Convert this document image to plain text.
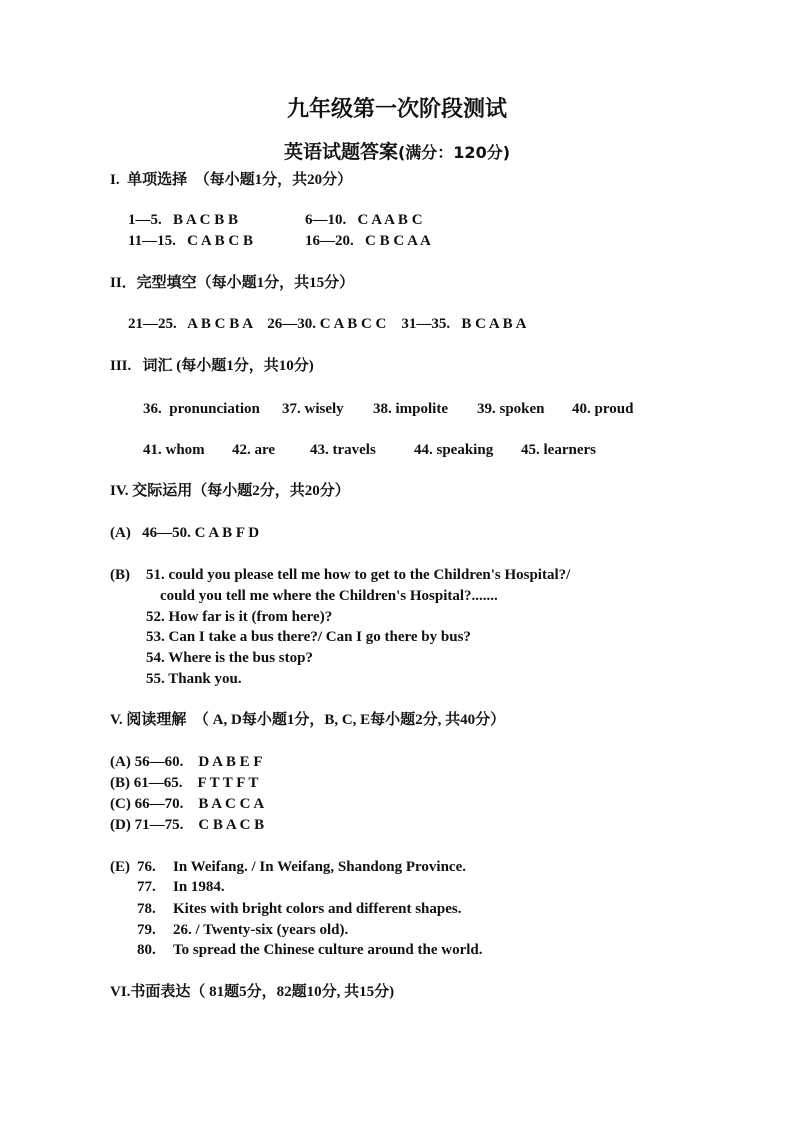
九年级第一次阶段测试
英语试题答案(满分：120分)
I.  单项选择  （每小题1分，共20分）
1—5.   B A C B B	6—10.   C A A B C
11—15.   C A B C B	16—20.   C B C A A
II．完型填空（每小题1分，共15分）
21—25.   A B C B A    26—30. C A B C C    31—35.   B C A B A
III.   词汇 (每小题1分，共10分)
36.  pronunciation 37. wisely 38. impolite 39. spoken 40. proud
41. whom 42. are 43. travels	44. speaking 45. learners
IV. 交际运用（每小题2分，共20分）
(A)   46—50. C A B F D
(B) 51. could you please tell me how to get to the Children's Hospital?/
could you tell me where the Children's Hospital?.......
52. How far is it (from here)?
53. Can I take a bus there?/ Can I go there by bus?
54. Where is the bus stop?
55. Thank you.
V. 阅读理解  （ A, D每小题1分，B, C, E每小题2分, 共40分）
(A) 56—60.    D A B E F
(B) 61—65.    F T T F T
(C) 66—70.    B A C C A
(D) 71—75.    C B A C B
(E) 76. In Weifang. / In Weifang, Shandong Province.
77. In 1984.
78. Kites with bright colors and different shapes.
79. 26. / Twenty-six (years old).
80. To spread the Chinese culture around the world.
VI.书面表达（ 81题5分，82题10分, 共15分)
